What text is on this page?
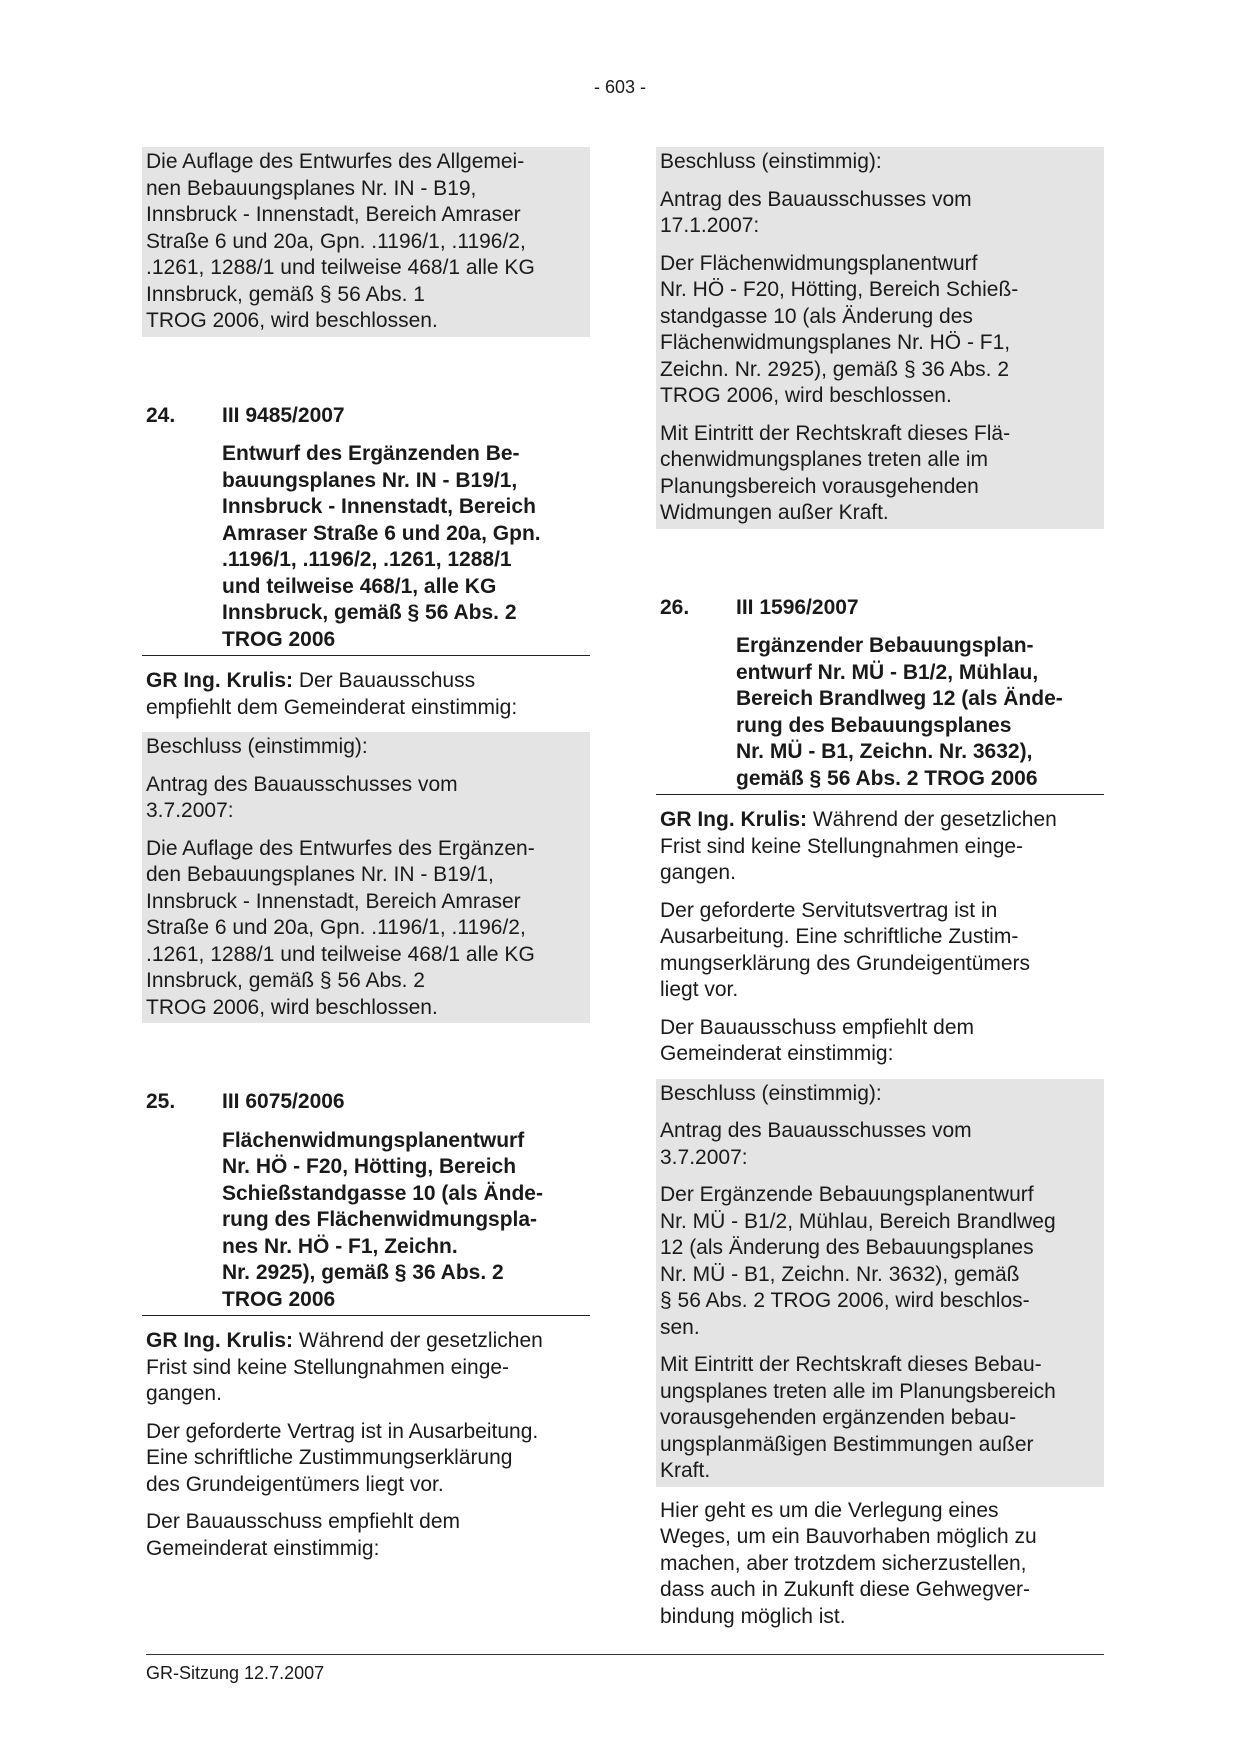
- 603 -
Die Auflage des Entwurfes des Allgemei-
nen Bebauungsplanes Nr. IN - B19,
Innsbruck - Innenstadt, Bereich Amraser
Straße 6 und 20a, Gpn. .1196/1, .1196/2,
.1261, 1288/1 und teilweise 468/1 alle KG
Innsbruck, gemäß § 56 Abs. 1
TROG 2006, wird beschlossen.
24.	III 9485/2007
Entwurf des Ergänzenden Be-
bauungsplanes Nr. IN - B19/1,
Innsbruck - Innenstadt, Bereich
Amraser Straße 6 und 20a, Gpn.
.1196/1, .1196/2, .1261, 1288/1
und teilweise 468/1, alle KG
Innsbruck, gemäß § 56 Abs. 2
TROG 2006
GR Ing. Krulis: Der Bauausschuss
empfiehlt dem Gemeinderat einstimmig:
Beschluss (einstimmig):
Antrag des Bauausschusses vom
3.7.2007:
Die Auflage des Entwurfes des Ergänzen-
den Bebauungsplanes Nr. IN - B19/1,
Innsbruck - Innenstadt, Bereich Amraser
Straße 6 und 20a, Gpn. .1196/1, .1196/2,
.1261, 1288/1 und teilweise 468/1 alle KG
Innsbruck, gemäß § 56 Abs. 2
TROG 2006, wird beschlossen.
25.	III 6075/2006
Flächenwidmungsplanentwurf
Nr. HÖ - F20, Hötting, Bereich
Schießstandgasse 10 (als Ände-
rung des Flächenwidmungspla-
nes Nr. HÖ - F1, Zeichn.
Nr. 2925), gemäß § 36 Abs. 2
TROG 2006
GR Ing. Krulis: Während der gesetzlichen

Frist sind keine Stellungnahmen einge-
gangen.
Der geforderte Vertrag ist in Ausarbeitung.
Eine schriftliche Zustimmungserklärung
des Grundeigentümers liegt vor.
Der Bauausschuss empfiehlt dem
Gemeinderat einstimmig:
Beschluss (einstimmig):
Antrag des Bauausschusses vom
17.1.2007:
Der Flächenwidmungsplanentwurf
Nr. HÖ - F20, Hötting, Bereich Schieß-
standgasse 10 (als Änderung des
Flächenwidmungsplanes Nr. HÖ - F1,
Zeichn. Nr. 2925), gemäß § 36 Abs. 2
TROG 2006, wird beschlossen.
Mit Eintritt der Rechtskraft dieses Flä-
chenwidmungsplanes treten alle im
Planungsbereich vorausgehenden
Widmungen außer Kraft.
26.	III 1596/2007
Ergänzender Bebauungsplan-
entwurf Nr. MÜ - B1/2, Mühlau,
Bereich Brandlweg 12 (als Ände-
rung des Bebauungsplanes
Nr. MÜ - B1, Zeichn. Nr. 3632),
gemäß § 56 Abs. 2 TROG 2006
GR Ing. Krulis: Während der gesetzlichen

Frist sind keine Stellungnahmen einge-
gangen.
Der geforderte Servitutsvertrag ist in
Ausarbeitung. Eine schriftliche Zustim-
mungserklärung des Grundeigentümers
liegt vor.
Der Bauausschuss empfiehlt dem
Gemeinderat einstimmig:
Beschluss (einstimmig):
Antrag des Bauausschusses vom
3.7.2007:
Der Ergänzende Bebauungsplanentwurf
Nr. MÜ - B1/2, Mühlau, Bereich Brandlweg
12 (als Änderung des Bebauungsplanes
Nr. MÜ - B1, Zeichn. Nr. 3632), gemäß
§ 56 Abs. 2 TROG 2006, wird beschlos-
sen.
Mit Eintritt der Rechtskraft dieses Bebau-
ungsplanes treten alle im Planungsbereich
vorausgehenden ergänzenden bebau-
ungsplanmäßigen Bestimmungen außer
Kraft.
Hier geht es um die Verlegung eines
Weges, um ein Bauvorhaben möglich zu
machen, aber trotzdem sicherzustellen,
dass auch in Zukunft diese Gehwegver-
bindung möglich ist.
GR-Sitzung 12.7.2007
